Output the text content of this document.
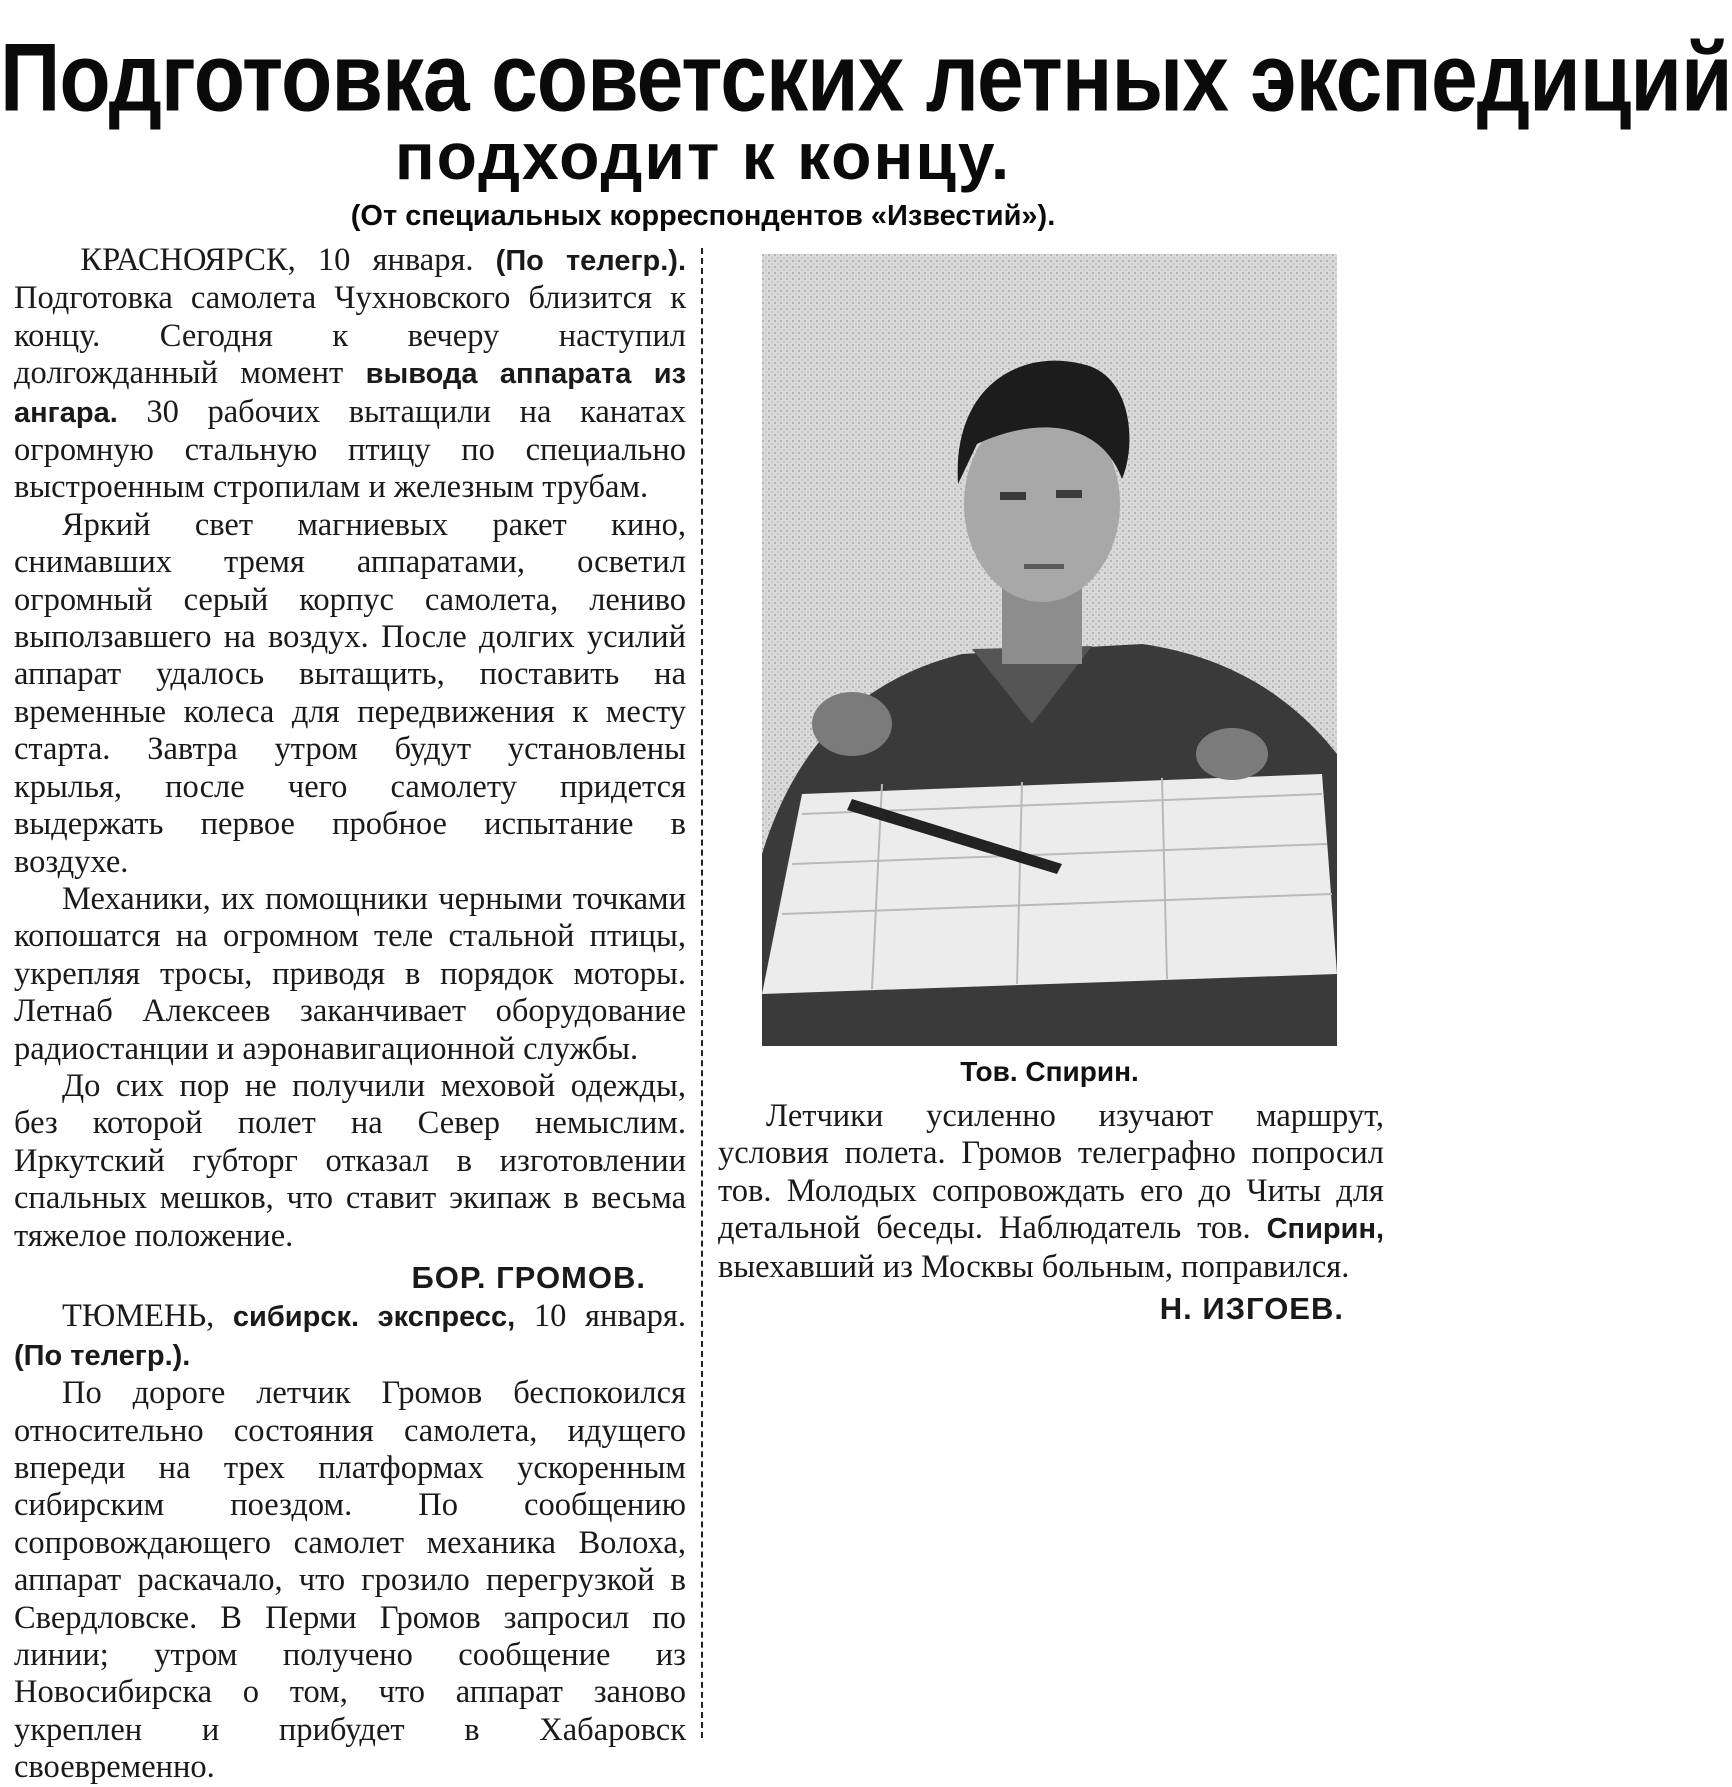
Подготовка советских летных экспедиций
подходит к концу.
(От специальных корреспондентов «Известий»).

КРАСНОЯРСК, 10 января. (По телегр.). Подготовка самолета Чухновского близится к концу. Сегодня к вечеру наступил долгожданный момент вывода аппарата из ангара. 30 рабочих вытащили на канатах огромную стальную птицу по специально выстроенным стропилам и железным трубам.

Яркий свет магниевых ракет кино, снимавших тремя аппаратами, осветил огромный серый корпус самолета, лениво выползавшего на воздух. После долгих усилий аппарат удалось вытащить, поставить на временные колеса для передвижения к месту старта. Завтра утром будут установлены крылья, после чего самолету придется выдержать первое пробное испытание в воздухе.

Механики, их помощники черными точками копошатся на огромном теле стальной птицы, укрепляя тросы, приводя в порядок моторы. Летнаб Алексеев заканчивает оборудование радиостанции и аэронавигационной службы.

До сих пор не получили меховой одежды, без которой полет на Север немыслим. Иркутский губторг отказал в изготовлении спальных мешков, что ставит экипаж в весьма тяжелое положение.

БОР. ГРОМОВ.

ТЮМЕНЬ, сибирск. экспресс, 10 января. (По телегр.).

По дороге летчик Громов беспокоился относительно состояния самолета, идущего впереди на трех платформах ускоренным сибирским поездом. По сообщению сопровождающего самолет механика Волоха, аппарат раскачало, что грозило перегрузкой в Свердловске. В Перми Громов запросил по линии; утром получено сообщение из Новосибирска о том, что аппарат заново укреплен и прибудет в Хабаровск своевременно.

Тов. Спирин.

Летчики усиленно изучают маршрут, условия полета. Громов телеграфно попросил тов. Молодых сопровождать его до Читы для детальной беседы. Наблюдатель тов. Спирин, выехавший из Москвы больным, поправился.

Н. ИЗГОЕВ.
